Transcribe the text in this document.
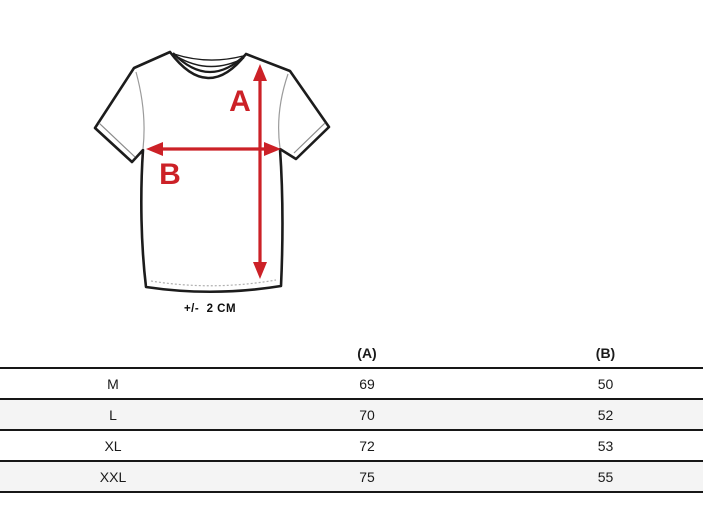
A
B
+/-  2 CM
	(A)	(B)
M	69	50
L	70	52
XL	72	53
XXL	75	55
